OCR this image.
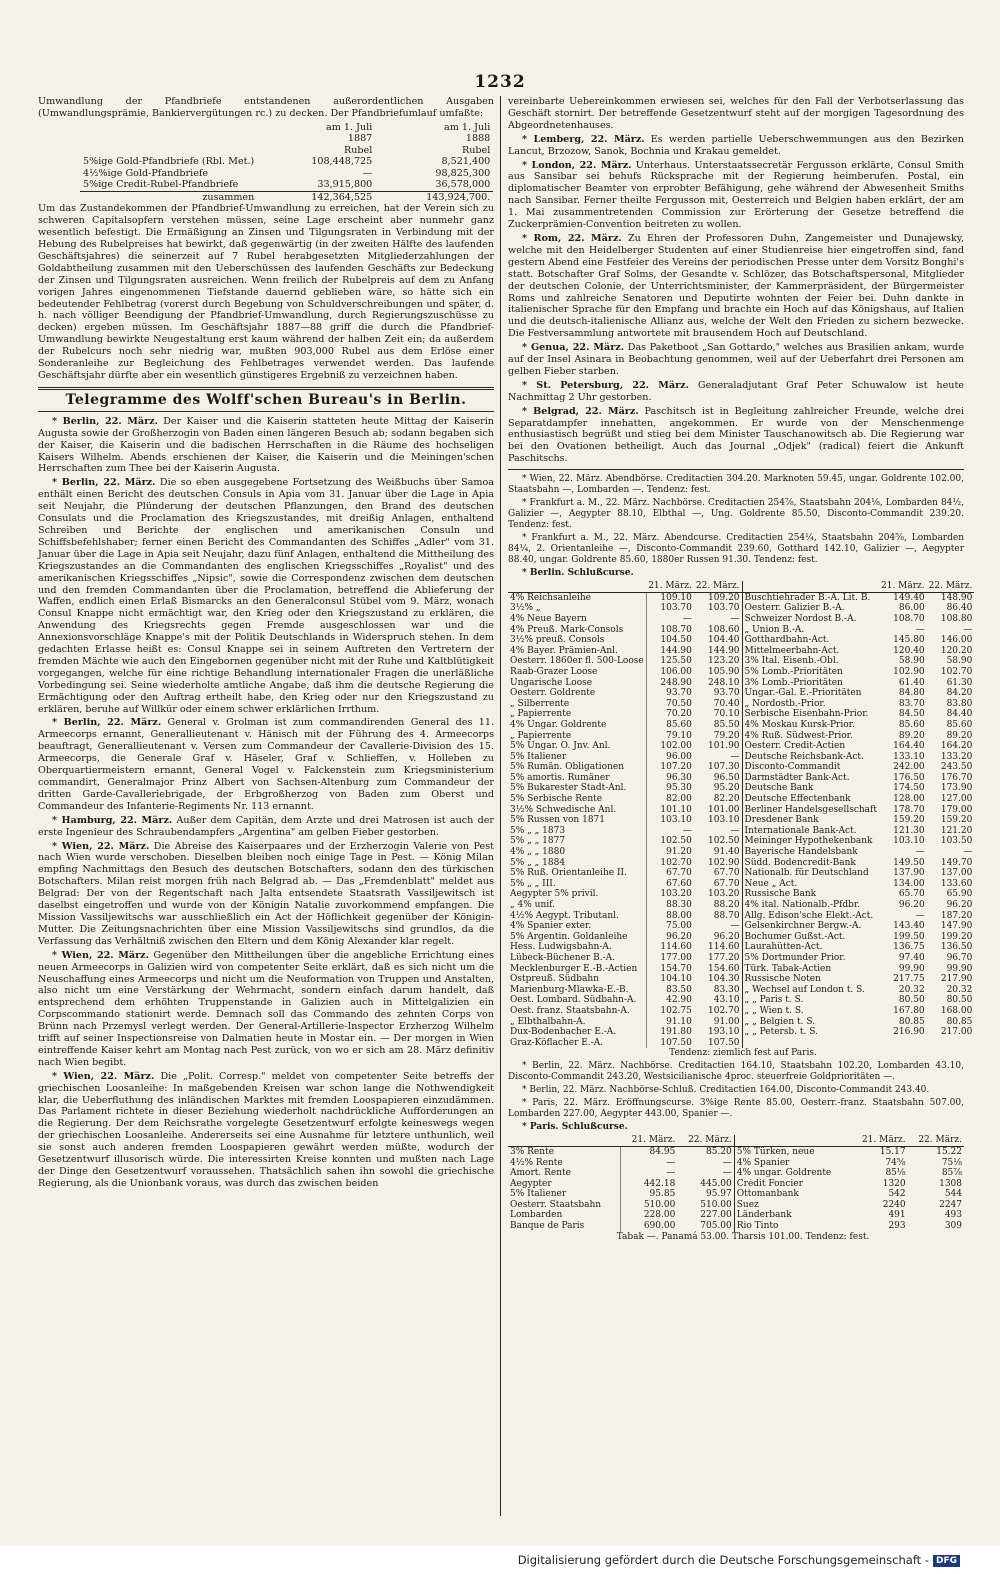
1232

Umwandlung der Pfandbriefe entstandenen außerordentlichen Ausgaben (Umwandlungsprämie, Bankiervergütungen rc.) zu decken. Der Pfandbriefumlauf umfaßte:

	am 1. Juli	am 1. Juli
	1887	1888
	Rubel	Rubel
5%ige Gold-Pfandbriefe (Rbl. Met.)	108,448,725	8,521,400
4½%ige Gold-Pfandbriefe	—	98,825,300
5%ige Credit-Rubel-Pfandbriefe	33,915,800	36,578,000
zusammen	142,364,525	143,924,700.

Um das Zustandekommen der Pfandbrief-Umwandlung zu erreichen, hat der Verein sich zu schweren Capitalsopfern verstehen müssen, seine Lage erscheint aber nunmehr ganz wesentlich befestigt. Die Ermäßigung an Zinsen und Tilgungsraten in Verbindung mit der Hebung des Rubelpreises hat bewirkt, daß gegenwärtig (in der zweiten Hälfte des laufenden Geschäftsjahres) die seinerzeit auf 7 Rubel herabgesetzten Mitgliederzahlungen der Goldabtheilung zusammen mit den Ueberschüssen des laufenden Geschäfts zur Bedeckung der Zinsen und Tilgungsraten ausreichen. Wenn freilich der Rubelpreis auf dem zu Anfang vorigen Jahres eingenommenen Tiefstande dauernd geblieben wäre, so hätte sich ein bedeutender Fehlbetrag (vorerst durch Begebung von Schuldverschreibungen und später, d. h. nach völliger Beendigung der Pfandbrief-Umwandlung, durch Regierungszuschüsse zu decken) ergeben müssen. Im Geschäftsjahr 1887—88 griff die durch die Pfandbrief-Umwandlung bewirkte Neugestaltung erst kaum während der halben Zeit ein; da außerdem der Rubelcurs noch sehr niedrig war, mußten 903,000 Rubel aus dem Erlöse einer Sonderanleihe zur Begleichung des Fehlbetrages verwendet werden. Das laufende Geschäftsjahr dürfte aber ein wesentlich günstigeres Ergebniß zu verzeichnen haben.

Telegramme des Wolff'schen Bureau's in Berlin.

* Berlin, 22. März. Der Kaiser und die Kaiserin statteten heute Mittag der Kaiserin Augusta sowie der Großherzogin von Baden einen längeren Besuch ab; sodann begaben sich der Kaiser, die Kaiserin und die badischen Herrschaften in die Räume des hochseligen Kaisers Wilhelm. Abends erschienen der Kaiser, die Kaiserin und die Meiningen'schen Herrschaften zum Thee bei der Kaiserin Augusta.

* Berlin, 22. März. Die so eben ausgegebene Fortsetzung des Weißbuchs über Samoa enthält einen Bericht des deutschen Consuls in Apia vom 31. Januar über die Lage in Apia seit Neujahr, die Plünderung der deutschen Pflanzungen, den Brand des deutschen Consulats und die Proclamation des Kriegszustandes, mit dreißig Anlagen, enthaltend Schreiben und Berichte der englischen und amerikanischen Consuln und Schiffsbefehlshaber; ferner einen Bericht des Commandanten des Schiffes „Adler" vom 31. Januar über die Lage in Apia seit Neujahr, dazu fünf Anlagen, enthaltend die Mittheilung des Kriegszustandes an die Commandanten des englischen Kriegsschiffes „Royalist" und des amerikanischen Kriegsschiffes „Nipsic", sowie die Correspondenz zwischen dem deutschen und den fremden Commandanten über die Proclamation, betreffend die Ablieferung der Waffen, endlich einen Erlaß Bismarcks an den Generalconsul Stübel vom 9. März, wonach Consul Knappe nicht ermächtigt war, den Krieg oder den Kriegszustand zu erklären, die Anwendung des Kriegsrechts gegen Fremde ausgeschlossen war und die Annexionsvorschläge Knappe's mit der Politik Deutschlands in Widerspruch stehen. In dem gedachten Erlasse heißt es: Consul Knappe sei in seinem Auftreten den Vertretern der fremden Mächte wie auch den Eingebornen gegenüber nicht mit der Ruhe und Kaltblütigkeit vorgegangen, welche für eine richtige Behandlung internationaler Fragen die unerläßliche Vorbedingung sei. Seine wiederholte amtliche Angabe, daß ihm die deutsche Regierung die Ermächtigung oder den Auftrag ertheilt habe, den Krieg oder nur den Kriegszustand zu erklären, beruhe auf Willkür oder einem schwer erklärlichen Irrthum.

* Berlin, 22. März. General v. Grolman ist zum commandirenden General des 11. Armeecorps ernannt, Generallieutenant v. Hänisch mit der Führung des 4. Armeecorps beauftragt, Generallieutenant v. Versen zum Commandeur der Cavallerie-Division des 15. Armeecorps, die Generale Graf v. Häseler, Graf v. Schlieffen, v. Holleben zu Oberquartiermeistern ernannt, General Vogel v. Falckenstein zum Kriegsministerium commandirt, Generalmajor Prinz Albert von Sachsen-Altenburg zum Commandeur der dritten Garde-Cavalleriebrigade, der Erbgroßherzog von Baden zum Oberst und Commandeur des Infanterie-Regiments Nr. 113 ernannt.

* Hamburg, 22. März. Außer dem Capitän, dem Arzte und drei Matrosen ist auch der erste Ingenieur des Schraubendampfers „Argentina" am gelben Fieber gestorben.

* Wien, 22. März. Die Abreise des Kaiserpaares und der Erzherzogin Valerie von Pest nach Wien wurde verschoben. Dieselben bleiben noch einige Tage in Pest. — König Milan empfing Nachmittags den Besuch des deutschen Botschafters, sodann den des türkischen Botschafters. Milan reist morgen früh nach Belgrad ab. — Das „Fremdenblatt" meldet aus Belgrad: Der von der Regentschaft nach Jalta entsendete Staatsrath Vassiljewitsch ist daselbst eingetroffen und wurde von der Königin Natalie zuvorkommend empfangen. Die Mission Vassiljewitschs war ausschließlich ein Act der Höflichkeit gegenüber der Königin-Mutter. Die Zeitungsnachrichten über eine Mission Vassiljewitschs sind grundlos, da die Verfassung das Verhältniß zwischen den Eltern und dem König Alexander klar regelt.

* Wien, 22. März. Gegenüber den Mittheilungen über die angebliche Errichtung eines neuen Armeecorps in Galizien wird von competenter Seite erklärt, daß es sich nicht um die Neuschaffung eines Armeecorps und nicht um die Neuformation von Truppen und Anstalten, also nicht um eine Verstärkung der Wehrmacht, sondern einfach darum handelt, daß entsprechend dem erhöhten Truppenstande in Galizien auch in Mittelgalizien ein Corpscommando stationirt werde. Demnach soll das Commando des zehnten Corps von Brünn nach Przemysl verlegt werden. Der General-Artillerie-Inspector Erzherzog Wilhelm trifft auf seiner Inspectionsreise von Dalmatien heute in Mostar ein. — Der morgen in Wien eintreffende Kaiser kehrt am Montag nach Pest zurück, von wo er sich am 28. März definitiv nach Wien begibt.

* Wien, 22. März. Die „Polit. Corresp." meldet von competenter Seite betreffs der griechischen Loosanleihe: In maßgebenden Kreisen war schon lange die Nothwendigkeit klar, die Ueberfluthung des inländischen Marktes mit fremden Loospapieren einzudämmen. Das Parlament richtete in dieser Beziehung wiederholt nachdrückliche Aufforderungen an die Regierung. Der dem Reichsrathe vorgelegte Gesetzentwurf erfolgte keineswegs wegen der griechischen Loosanleihe. Andererseits sei eine Ausnahme für letztere unthunlich, weil sie sonst auch anderen fremden Loospapieren gewährt werden müßte, wodurch der Gesetzentwurf illusorisch würde. Die interessirten Kreise konnten und mußten nach Lage der Dinge den Gesetzentwurf voraussehen. Thatsächlich sahen ihn sowohl die griechische Regierung, als die Unionbank voraus, was durch das zwischen beiden

vereinbarte Uebereinkommen erwiesen sei, welches für den Fall der Verbotserlassung das Geschäft stornirt. Der betreffende Gesetzentwurf steht auf der morgigen Tagesordnung des Abgeordnetenhauses.

* Lemberg, 22. März. Es werden partielle Ueberschwemmungen aus den Bezirken Lancut, Brzozow, Sanok, Bochnia und Krakau gemeldet.

* London, 22. März. Unterhaus. Unterstaatssecretär Fergusson erklärte, Consul Smith aus Sansibar sei behufs Rücksprache mit der Regierung heimberufen. Postal, ein diplomatischer Beamter von erprobter Befähigung, gehe während der Abwesenheit Smiths nach Sansibar. Ferner theilte Fergusson mit, Oesterreich und Belgien haben erklärt, der am 1. Mai zusammentretenden Commission zur Erörterung der Gesetze betreffend die Zuckerprämien-Convention beitreten zu wollen.

* Rom, 22. März. Zu Ehren der Professoren Duhn, Zangemeister und Dunajewsky, welche mit den Heidelberger Studenten auf einer Studienreise hier eingetroffen sind, fand gestern Abend eine Festfeier des Vereins der periodischen Presse unter dem Vorsitz Bonghi's statt. Botschafter Graf Solms, der Gesandte v. Schlözer, das Botschaftspersonal, Mitglieder der deutschen Colonie, der Unterrichtsminister, der Kammerpräsident, der Bürgermeister Roms und zahlreiche Senatoren und Deputirte wohnten der Feier bei. Duhn dankte in italienischer Sprache für den Empfang und brachte ein Hoch auf das Königshaus, auf Italien und die deutsch-italienische Allianz aus, welche der Welt den Frieden zu sichern bezwecke. Die Festversammlung antwortete mit brausendem Hoch auf Deutschland.

* Genua, 22. März. Das Paketboot „San Gottardo," welches aus Brasilien ankam, wurde auf der Insel Asinara in Beobachtung genommen, weil auf der Ueberfahrt drei Personen am gelben Fieber starben.

* St. Petersburg, 22. März. Generaladjutant Graf Peter Schuwalow ist heute Nachmittag 2 Uhr gestorben.

* Belgrad, 22. März. Paschitsch ist in Begleitung zahlreicher Freunde, welche drei Separatdampfer innehatten, angekommen. Er wurde von der Menschenmenge enthusiastisch begrüßt und stieg bei dem Minister Tauschanowitsch ab. Die Regierung war bei den Ovationen betheiligt. Auch das Journal „Odjek" (radical) feiert die Ankunft Paschitschs.

* Wien, 22. März. Abendbörse. Creditactien 304.20. Marknoten 59.45, ungar. Goldrente 102.00, Staatsbahn —, Lombarden —. Tendenz: fest.

* Frankfurt a. M., 22. März. Nachbörse. Creditactien 254⅞, Staatsbahn 204⅛, Lombarden 84½, Galizier —, Aegypter 88.10, Elbthal —, Ung. Goldrente 85.50, Disconto-Commandit 239.20. Tendenz: fest.

* Frankfurt a. M., 22. März. Abendcurse. Creditactien 254¼, Staatsbahn 204⅝, Lombarden 84¼, 2. Orientanleihe —, Disconto-Commandit 239.60, Gotthard 142.10, Galizier —, Aegypter 88.40, ungar. Goldrente 85.60, 1880er Russen 91.30. Tendenz: fest.

* Berlin. Schlußcurse.

	21. März.	22. März.		21. März.	22. März.
4% Reichsanleihe	109.10	109.20	Buschtiehrader B.-A. Lit. B.	149.40	148.90
3½% „	103.70	103.70	Oesterr. Galizier B.-A.	86.00	86.40
4% Neue Bayern	—	—	Schweizer Nordost B.-A.	108.70	108.80
4% Preuß. Mark-Consols	108.70	108.60	„ Union B.-A.	—	—
3½% preuß. Consols	104.50	104.40	Gotthardbahn-Act.	145.80	146.00
4% Bayer. Prämien-Anl.	144.90	144.90	Mittelmeerbahn-Act.	120.40	120.20
Oesterr. 1860er fl. 500-Loose	125.50	123.20	3% Ital. Eisenb.-Obl.	58.90	58.90
Raab-Grazer Loose	106.00	105.90	5% Lomb.-Prioritäten	102.90	102.70
Ungarische Loose	248.90	248.10	3% Lomb.-Prioritäten	61.40	61.30
Oesterr. Goldrente	93.70	93.70	Ungar.-Gal. E.-Prioritäten	84.80	84.20
„ Silberrente	70.50	70.40	„ Nordostb.-Prior.	83.70	83.80
„ Papierrente	70.20	70.10	Serbische Eisenbahn-Prior.	84.50	84.40
4% Ungar. Goldrente	85.60	85.50	4% Moskau Kursk-Prior.	85.60	85.60
„ Papierrente	79.10	79.20	4% Ruß. Südwest-Prior.	89.20	89.20
5% Ungar. O. Jnv. Anl.	102.00	101.90	Oesterr. Credit-Actien	164.40	164.20
5% Italiener	96.00	—	Deutsche Reichsbank-Act.	133.10	133.20
5% Rumän. Obligationen	107.20	107.30	Disconto-Commandit	242.00	243.50
5% amortis. Rumäner	96.30	96.50	Darmstädter Bank-Act.	176.50	176.70
5% Bukarester Stadt-Anl.	95.30	95.20	Deutsche Bank	174.50	173.90
5% Serbische Rente	82.00	82.20	Deutsche Effectenbank	128.00	127.00
3½% Schwedische Anl.	101.10	101.00	Berliner Handelsgesellschaft	178.70	179.00
5% Russen von 1871	103.10	103.10	Dresdener Bank	159.20	159.20
5% „ „ 1873	—	—	Internationale Bank-Act.	121.30	121.20
5% „ „ 1877	102.50	102.50	Meininger Hypothekenbank	103.10	103.50
4% „ „ 1880	91.20	91.40	Bayerische Handelsbank	—	—
5% „ „ 1884	102.70	102.90	Südd. Bodencredit-Bank	149.50	149.70
5% Ruß. Orientanleihe II.	67.70	67.70	Nationalb. für Deutschland	137.90	137.00
5% „ „ III.	67.60	67.70	Neue „ Act.	134.00	133.60
Aegypter 5% privil.	103.20	103.20	Russische Bank	65.70	65.90
„ 4% unif.	88.30	88.20	4% ital. Nationalb.-Pfdbr.	96.20	96.20
4½% Aegypt. Tributanl.	88.00	88.70	Allg. Edison'sche Elekt.-Act.	—	187.20
4% Spanier exter.	75.00	—	Gelsenkirchner Bergw.-A.	143.40	147.90
5% Argentin. Goldanleihe	96.20	96.20	Bochumer Gußst.-Act.	199.50	199.20
Hess. Ludwigsbahn-A.	114.60	114.60	Laurahütten-Act.	136.75	136.50
Lübeck-Büchener B.-A.	177.00	177.20	5% Dortmunder Prior.	97.40	96.70
Mecklenburger E.-B.-Actien	154.70	154.60	Türk. Tabak-Actien	99.90	99.90
Ostpreuß. Südbahn	104.10	104.30	Russische Noten	217.75	217.90
Marienburg-Mlawka-E.-B.	83.50	83.30	„ Wechsel auf London t. S.	20.32	20.32
Oest. Lombard. Südbahn-A.	42.90	43.10	„ „ Paris t. S.	80.50	80.50
Oest. franz. Staatsbahn-A.	102.75	102.70	„ „ Wien t. S.	167.80	168.00
„ Elbthalbahn-A.	91.10	91.00	„ „ Belgien t. S.	80.85	80.85
Dux-Bodenbacher E.-A.	191.80	193.10	„ „ Petersb. t. S.	216.90	217.00
Graz-Köflacher E.-A.	107.50	107.50			

Tendenz: ziemlich fest auf Paris.

* Berlin, 22. März. Nachbörse. Creditactien 164.10, Staatsbahn 102.20, Lombarden 43.10, Disconto-Commandit 243.20, Westsicilianische 4proc. steuerfreie Goldprioritäten —.

* Berlin, 22. März. Nachbörse-Schluß. Creditactien 164.00, Disconto-Commandit 243.40.

* Paris, 22. März. Eröffnungscurse. 3%ige Rente 85.00, Oesterr.-franz. Staatsbahn 507.00, Lombarden 227.00, Aegypter 443.00, Spanier —.

* Paris. Schlußcurse.

	21. März.	22. März.		21. März.	22. März.
3% Rente	84.95	85.20	5% Türken, neue	15.17	15.22
4½% Rente	—	—	4% Spanier	74⅝	75⅛
Amort. Rente	—	—	4% ungar. Goldrente	85⅛	85⅞
Aegypter	442.18	445.00	Crédit Foncier	1320	1308
5% Italiener	95.85	95.97	Ottomanbank	542	544
Oesterr. Staatsbahn	510.00	510.00	Suez	2240	2247
Lombarden	228.00	227.00	Länderbank	491	493
Banque de Paris	690.00	705.00	Rio Tinto	293	309

Tabak —. Panamá 53.00. Tharsis 101.00. Tendenz: fest.

Digitalisierung gefördert durch die Deutsche Forschungsgemeinschaft - DFG
